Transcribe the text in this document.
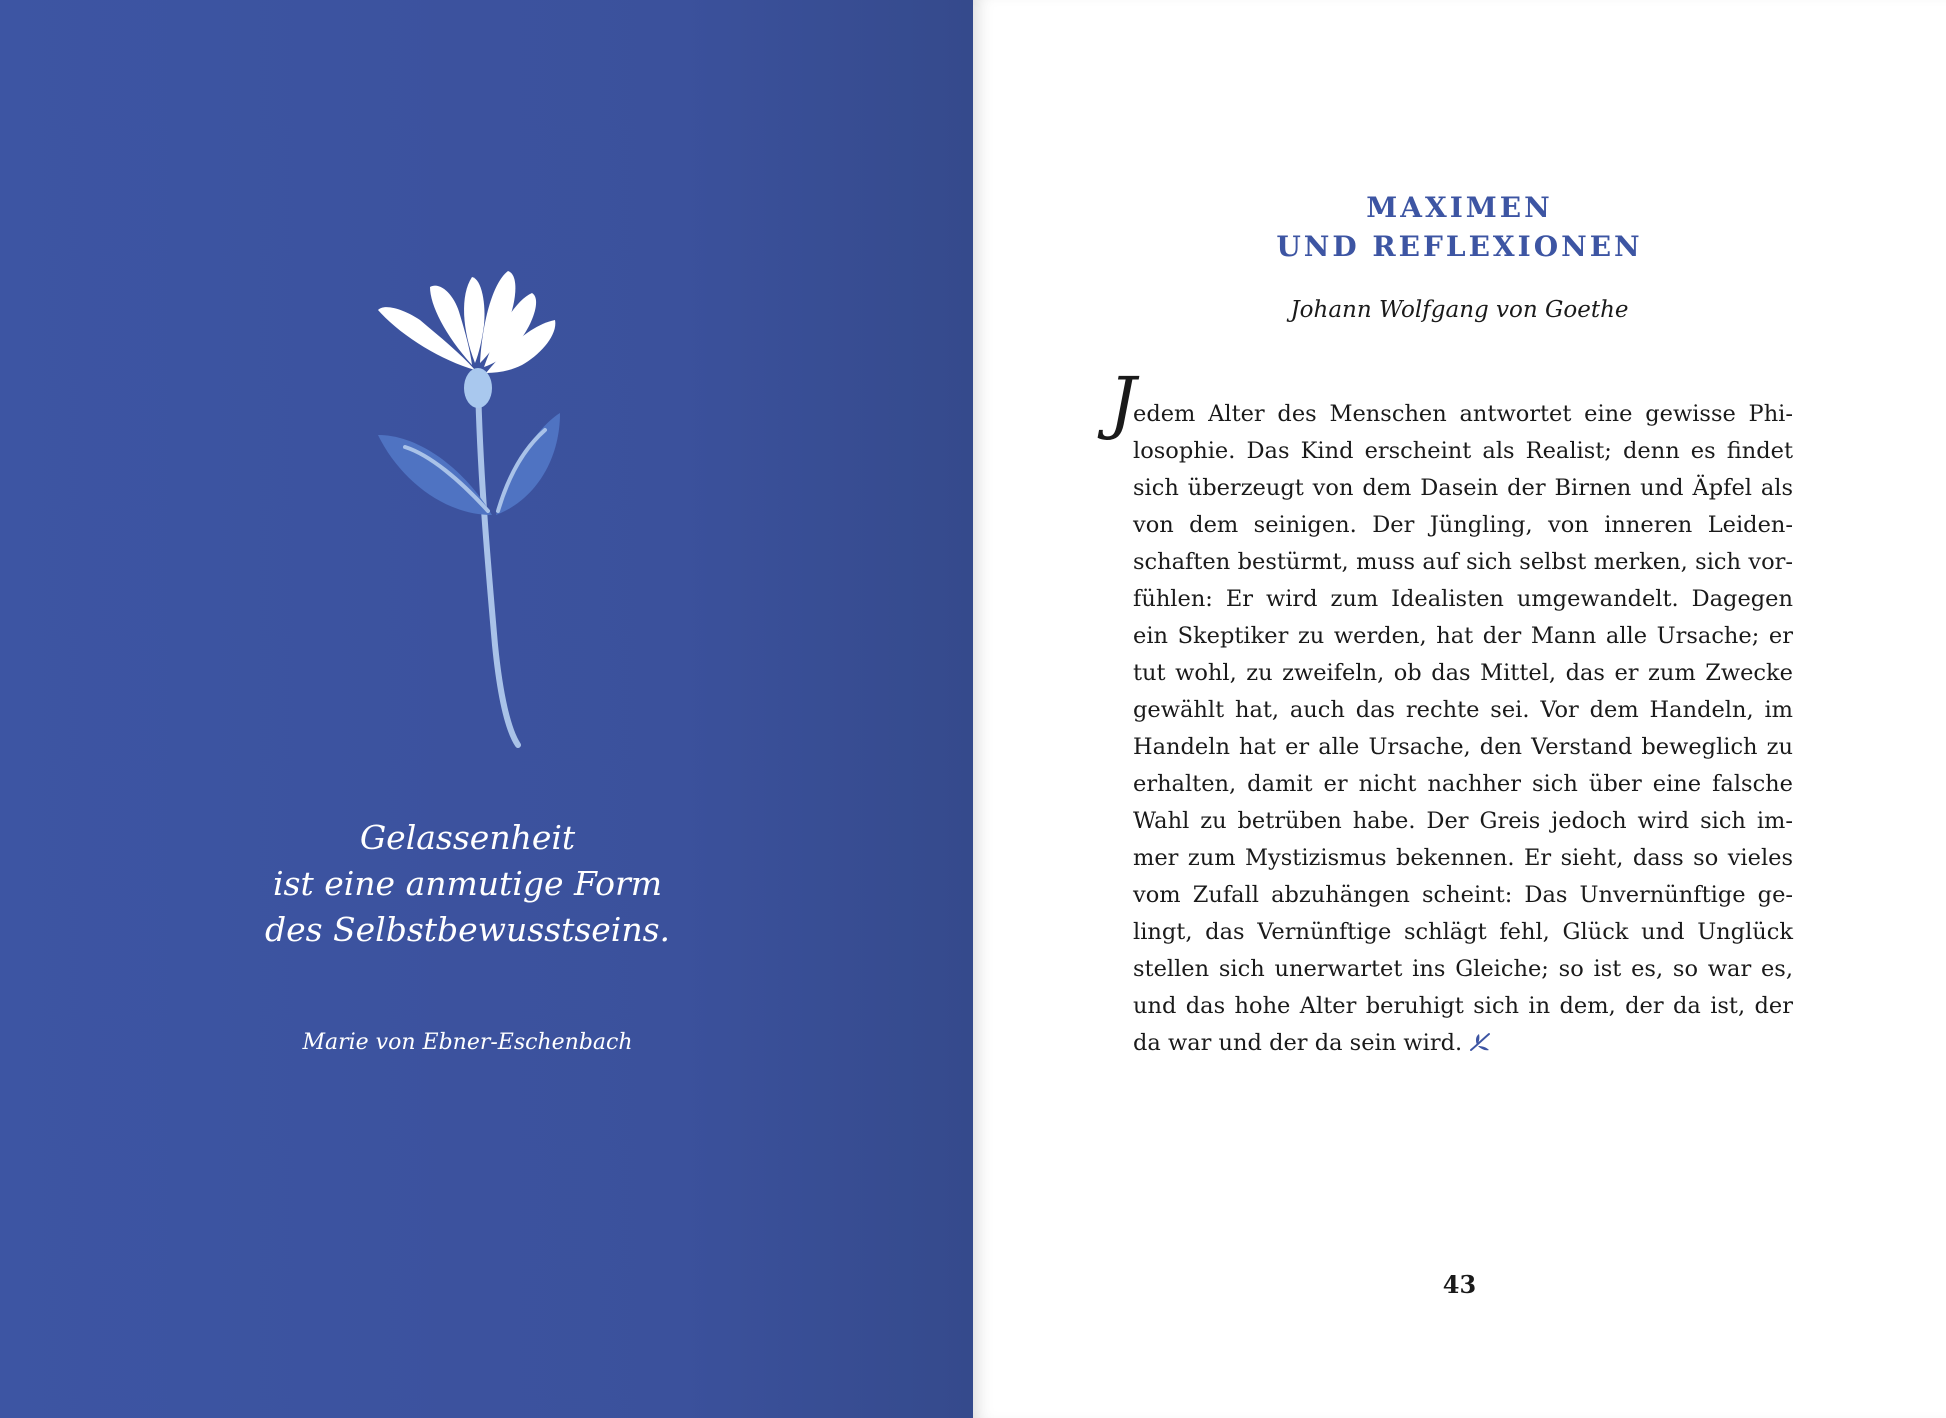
Gelassenheit
ist eine anmutige Form
des Selbstbewusstseins.
Marie von Ebner-Eschenbach
MAXIMEN
UND REFLEXIONEN
Johann Wolfgang von Goethe
J
edem Alter des Menschen antwortet eine gewisse Phi-
losophie. Das Kind erscheint als Realist; denn es findet
sich überzeugt von dem Dasein der Birnen und Äpfel als
von dem seinigen. Der Jüngling, von inneren Leiden-
schaften bestürmt, muss auf sich selbst merken, sich vor-
fühlen: Er wird zum Idealisten umgewandelt. Dagegen
ein Skeptiker zu werden, hat der Mann alle Ursache; er
tut wohl, zu zweifeln, ob das Mittel, das er zum Zwecke
gewählt hat, auch das rechte sei. Vor dem Handeln, im
Handeln hat er alle Ursache, den Verstand beweglich zu
erhalten, damit er nicht nachher sich über eine falsche
Wahl zu betrüben habe. Der Greis jedoch wird sich im-
mer zum Mystizismus bekennen. Er sieht, dass so vieles
vom Zufall abzuhängen scheint: Das Unvernünftige ge-
lingt, das Vernünftige schlägt fehl, Glück und Unglück
stellen sich unerwartet ins Gleiche; so ist es, so war es,
und das hohe Alter beruhigt sich in dem, der da ist, der
da war und der da sein wird.
43
